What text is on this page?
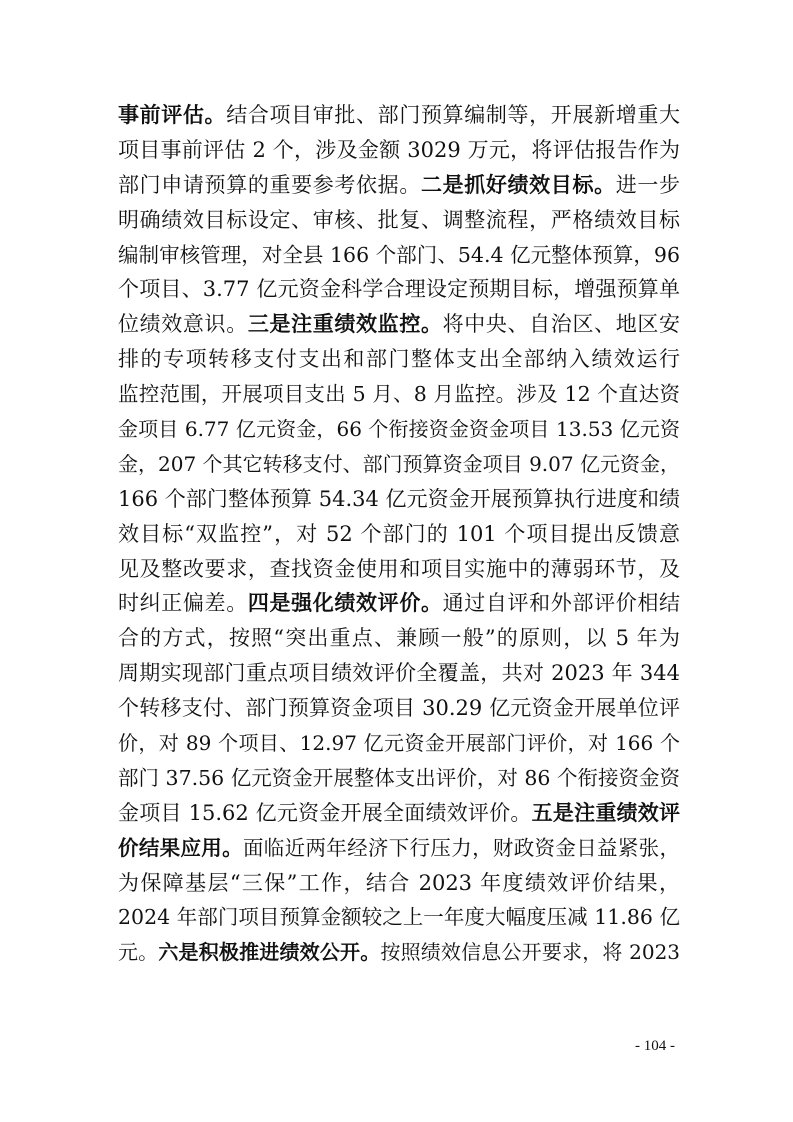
事前评估。结合项目审批、部门预算编制等，开展新增重大
项目事前评估 2 个，涉及金额 3029 万元，将评估报告作为
部门申请预算的重要参考依据。二是抓好绩效目标。进一步
明确绩效目标设定、审核、批复、调整流程，严格绩效目标
编制审核管理，对全县 166 个部门、54.4 亿元整体预算，96
个项目、3.77 亿元资金科学合理设定预期目标，增强预算单
位绩效意识。三是注重绩效监控。将中央、自治区、地区安
排的专项转移支付支出和部门整体支出全部纳入绩效运行
监控范围，开展项目支出 5 月、8 月监控。涉及 12 个直达资
金项目 6.77 亿元资金，66 个衔接资金资金项目 13.53 亿元资
金，207 个其它转移支付、部门预算资金项目 9.07 亿元资金，
166 个部门整体预算 54.34 亿元资金开展预算执行进度和绩
效目标“双监控”，对 52 个部门的 101 个项目提出反馈意
见及整改要求，查找资金使用和项目实施中的薄弱环节，及
时纠正偏差。四是强化绩效评价。通过自评和外部评价相结
合的方式，按照“突出重点、兼顾一般”的原则，以 5 年为
周期实现部门重点项目绩效评价全覆盖，共对 2023 年 344
个转移支付、部门预算资金项目 30.29 亿元资金开展单位评
价，对 89 个项目、12.97 亿元资金开展部门评价，对 166 个
部门 37.56 亿元资金开展整体支出评价，对 86 个衔接资金资
金项目 15.62 亿元资金开展全面绩效评价。五是注重绩效评
价结果应用。面临近两年经济下行压力，财政资金日益紧张，
为保障基层“三保”工作，结合 2023 年度绩效评价结果，
2024 年部门项目预算金额较之上一年度大幅度压减 11.86 亿
元。六是积极推进绩效公开。按照绩效信息公开要求，将 2023
- 104 -
